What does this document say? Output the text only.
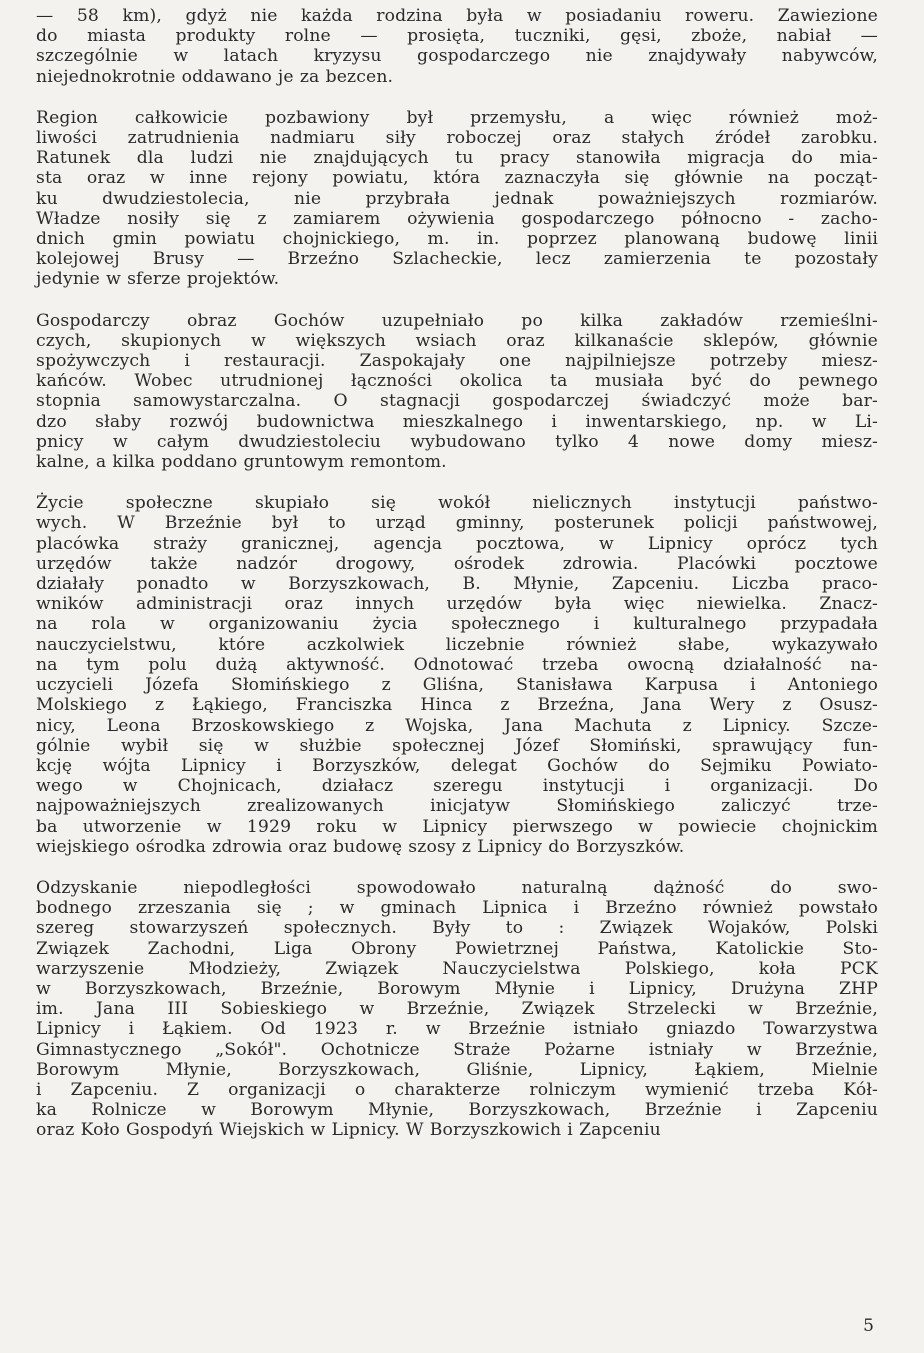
— 58 km), gdyż nie każda rodzina była w posiadaniu roweru. Zawiezione
do miasta produkty rolne — prosięta, tuczniki, gęsi, zboże, nabiał —
szczególnie w latach kryzysu gospodarczego nie znajdywały nabywców,
niejednokrotnie oddawano je za bezcen.

Region całkowicie pozbawiony był przemysłu, a więc również moż-
liwości zatrudnienia nadmiaru siły roboczej oraz stałych źródeł zarobku.
Ratunek dla ludzi nie znajdujących tu pracy stanowiła migracja do mia-
sta oraz w inne rejony powiatu, która zaznaczyła się głównie na począt-
ku dwudziestolecia, nie przybrała jednak poważniejszych rozmiarów.
Władze nosiły się z zamiarem ożywienia gospodarczego północno - zacho-
dnich gmin powiatu chojnickiego, m. in. poprzez planowaną budowę linii
kolejowej Brusy — Brzeźno Szlacheckie, lecz zamierzenia te pozostały
jedynie w sferze projektów.

Gospodarczy obraz Gochów uzupełniało po kilka zakładów rzemieślni-
czych, skupionych w większych wsiach oraz kilkanaście sklepów, głównie
spożywczych i restauracji. Zaspokajały one najpilniejsze potrzeby miesz-
kańców. Wobec utrudnionej łączności okolica ta musiała być do pewnego
stopnia samowystarczalna. O stagnacji gospodarczej świadczyć może bar-
dzo słaby rozwój budownictwa mieszkalnego i inwentarskiego, np. w Li-
pnicy w całym dwudziestoleciu wybudowano tylko 4 nowe domy miesz-
kalne, a kilka poddano gruntowym remontom.

Życie społeczne skupiało się wokół nielicznych instytucji państwo-
wych. W Brzeźnie był to urząd gminny, posterunek policji państwowej,
placówka straży granicznej, agencja pocztowa, w Lipnicy oprócz tych
urzędów także nadzór drogowy, ośrodek zdrowia. Placówki pocztowe
działały ponadto w Borzyszkowach, B. Młynie, Zapceniu. Liczba praco-
wników administracji oraz innych urzędów była więc niewielka. Znacz-
na rola w organizowaniu życia społecznego i kulturalnego przypadała
nauczycielstwu, które aczkolwiek liczebnie również słabe, wykazywało
na tym polu dużą aktywność. Odnotować trzeba owocną działalność na-
uczycieli Józefa Słomińskiego z Gliśna, Stanisława Karpusa i Antoniego
Molskiego z Łąkiego, Franciszka Hinca z Brzeźna, Jana Wery z Osusz-
nicy, Leona Brzoskowskiego z Wojska, Jana Machuta z Lipnicy. Szcze-
gólnie wybił się w służbie społecznej Józef Słomiński, sprawujący fun-
kcję wójta Lipnicy i Borzyszków, delegat Gochów do Sejmiku Powiato-
wego w Chojnicach, działacz szeregu instytucji i organizacji. Do
najpoważniejszych zrealizowanych inicjatyw Słomińskiego zaliczyć trze-
ba utworzenie w 1929 roku w Lipnicy pierwszego w powiecie chojnickim
wiejskiego ośrodka zdrowia oraz budowę szosy z Lipnicy do Borzyszków.

Odzyskanie niepodległości spowodowało naturalną dążność do swo-
bodnego zrzeszania się ; w gminach Lipnica i Brzeźno również powstało
szereg stowarzyszeń społecznych. Były to : Związek Wojaków, Polski
Związek Zachodni, Liga Obrony Powietrznej Państwa, Katolickie Sto-
warzyszenie Młodzieży, Związek Nauczycielstwa Polskiego, koła PCK
w Borzyszkowach, Brzeźnie, Borowym Młynie i Lipnicy, Drużyna ZHP
im. Jana III Sobieskiego w Brzeźnie, Związek Strzelecki w Brzeźnie,
Lipnicy i Łąkiem. Od 1923 r. w Brzeźnie istniało gniazdo Towarzystwa
Gimnastycznego „Sokół". Ochotnicze Straże Pożarne istniały w Brzeźnie,
Borowym Młynie, Borzyszkowach, Gliśnie, Lipnicy, Łąkiem, Mielnie
i Zapceniu. Z organizacji o charakterze rolniczym wymienić trzeba Kół-
ka Rolnicze w Borowym Młynie, Borzyszkowach, Brzeźnie i Zapceniu
oraz Koło Gospodyń Wiejskich w Lipnicy. W Borzyszkowich i Zapceniu

5
